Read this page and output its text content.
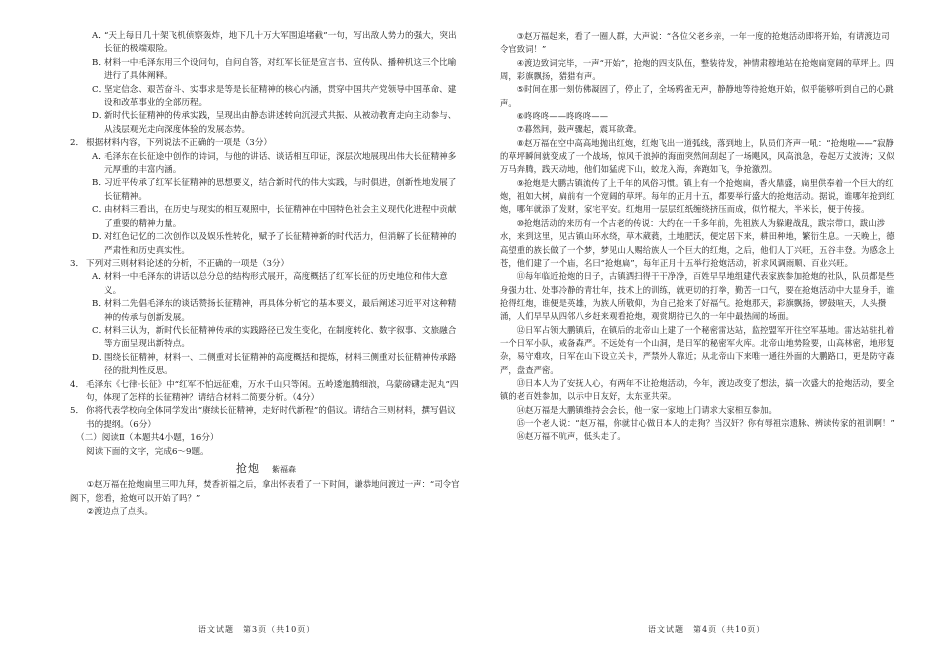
A．
“天上每日几十架飞机侦察轰炸，地下几十万大军围追堵截”一句，写出敌人势力的强大，突出长征的极端艰险。
B．
材料一中毛泽东用三个设问句，自问自答，对红军长征是宣言书、宣传队、播种机这三个比喻进行了具体阐释。
C．
坚定信念、艰苦奋斗、实事求是等是长征精神的核心内涵，贯穿中国共产党领导中国革命、建设和改革事业的全部历程。
D．
新时代长征精神的传承实践，呈现出由静态讲述转向沉浸式共振、从被动教育走向主动参与、从浅层观光走向深度体验的发展态势。
2． 根据材料内容，下列说法不正确的一项是（3分）
A．
毛泽东在长征途中创作的诗词，与他的讲话、谈话相互印证，深层次地展现出伟大长征精神多元厚重的丰富内涵。
B．
习近平传承了红军长征精神的思想要义，结合新时代的伟大实践，与时俱进，创新性地发展了长征精神。
C．
由材料三看出，在历史与现实的相互观照中，长征精神在中国特色社会主义现代化进程中贡献了重要的精神力量。
D．
对红色记忆的二次创作以及娱乐性转化，赋予了长征精神新的时代活力，但消解了长征精神的严肃性和历史真实性。
3． 下列对三则材料论述的分析，不正确的一项是（3分）
A．
材料一中毛泽东的讲话以总分总的结构形式展开，高度概括了红军长征的历史地位和伟大意义。
B．
材料二先倡毛泽东的谈话赞扬长征精神，再具体分析它的基本要义，最后阐述习近平对这种精神的传承与创新发展。
C．
材料三认为，新时代长征精神传承的实践路径已发生变化，在制度转化、数字叙事、文旅融合等方面呈现出新特点。
D．
围绕长征精神，材料一、二侧重对长征精神的高度概括和提炼，材料三侧重对长征精神传承路径的批判性反思。
4． 毛泽东《七律·长征》中“红军不怕远征难，万水千山只等闲。五岭逶迤腾细浪，乌蒙磅礴走泥丸”四句，体现了怎样的长征精神？请结合材料二简要分析。（4分）
5． 你将代表学校向全体同学发出“赓续长征精神，走好时代新程”的倡议。请结合三则材料，撰写倡议书的提纲。（6分）

（二）阅读Ⅱ（本题共4小题，16分）

阅读下面的文字，完成6～9题。

抢炮 紫福森

①赵万福在抢炮扁里三叩九拜，焚香祈福之后，拿出怀表看了一下时间，谦恭地问渡过一声：“司令官阁下，您看，抢炮可以开始了吗？”

②渡边点了点头。

③赵万福起来，看了一圈人群，大声说：“各位父老乡亲，一年一度的抢炮活动即将开始，有请渡边司令官致词！”

④渡边致词完毕，一声“开始”，抢炮的四支队伍，整装待发，神情肃穆地站在抢炮扁宽阔的草坪上。四周，彩旗飘扬，猎猎有声。

⑤时间在那一刻仿佛凝固了，停止了，全场鸦雀无声，静静地等待抢炮开始，似乎能够听到自己的心跳声。

⑥咚咚咚——咚咚咚——

⑦暮然间，鼓声骤起，震耳欲聋。

⑧赵万福在空中高高地抛出红炮，红炮飞出一道弧线，落到地上，队员们齐声一吼：“抢炮啦——”寂静的草坪瞬间就变成了一个战场，惊风千浪掉的海面突然间刮起了一场飓风，风高浪急，卷起万丈波涛；又似万马奔腾，践天动地，他们如猛虎下山，蛟龙入海，奔跑如飞，争抢激烈。

⑨抢炮是大鹏古镇流传了上千年的风俗习惯。镇上有一个抢炮扁，香火鼎盛，扁里供奉着一个巨大的红炮，祖如大树，扁前有一个宽阔的草坪。每年的正月十五，都要举行盛大的抢炮活动。据说，谁哪年抢到红炮，哪年就添了发财，家宅平安。红炮用一层层红纸缠绕挤压而成，似竹棍大，半米长，便于传接。

⑩抢炮活动的来历有一个古老的传说：大约在一千多年前，先祖族人为躲避战乱，跋宗带口，跋山涉水，来到这里，见古镇山环水绕，草木葳蕤，土地肥沃，便定居下来，耕田种地，繁衍生息。一天晚上，德高望重的族长做了一个梦，梦见山人赐给族人一个巨大的红炮，之后，他们人丁兴旺，五谷丰登。为感念上苍，他们建了一个庙，名曰“抢炮扁”，每年正月十五举行抢炮活动，祈求风调雨顺、百业兴旺。

⑪每年临近抢炮的日子，古镇洒扫得干干净净，百姓早早地组建代表家族参加抢炮的社队，队员都是些身强力壮、处事冷静的青壮年，技术上的训练，就更切的打拳，勤苦一口气，要在抢炮活动中大显身手，谁抢得红炮，谁便是英雄，为族人所敬仰，为自己抢来了好福气。抢炮那天，彩旗飘扬，锣鼓喧天，人头攒涌，人们早早从四邻八乡赶来观看抢炮，观赏期待已久的一年中最热闹的场面。

⑫日军占领大鹏镇后，在镇后的北帝山上建了一个秘密雷达站，监控盟军开往空军基地。雷达站驻扎着一个日军小队，戒备森严。不远处有一个山洞，是日军的秘密军火库。北帝山地势险要，山高林密，地形复杂，易守难攻，日军在山下设立关卡，严禁外人靠近；从北帝山下来唯一通往外面的大鹏路口，更是防守森严，盘查严密。

⑬日本人为了安抚人心，有两年不让抢炮活动，今年，渡边改变了想法，搞一次盛大的抢炮活动，要全镇的老百姓参加，以示中日友好，太东亚共荣。

⑭赵万福是大鹏镇维持会会长，他一家一家地上门请求大家相互参加。

⑮一个老人说：“赵万福，你就甘心做日本人的走狗？当汉奸？你有辱祖宗遗脉、辨读传家的祖训啊！”

⑯赵万福不吭声，低头走了。

语文试题　第3页（共10页）	语文试题　第4页（共10页）
